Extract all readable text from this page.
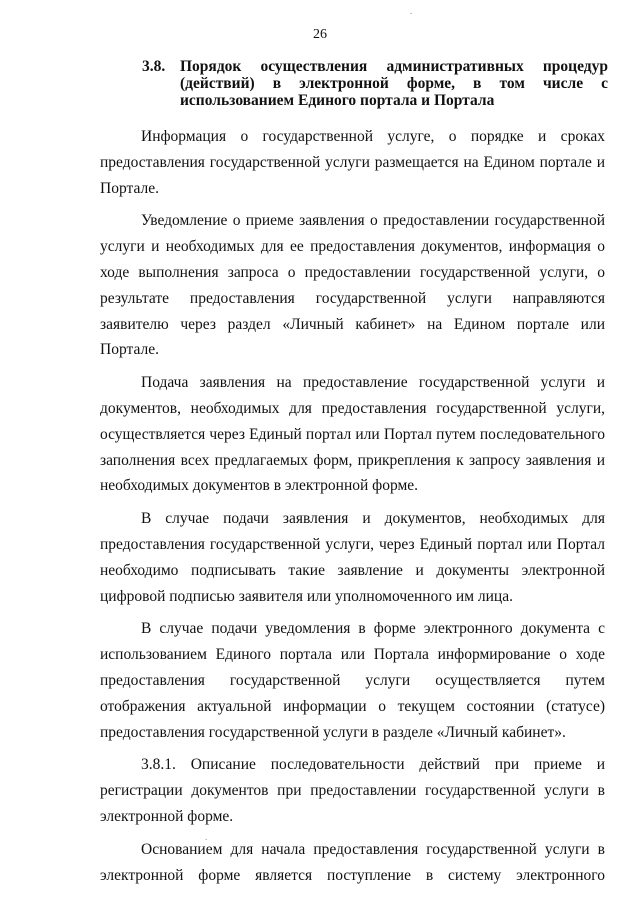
26
3.8. Порядок осуществления административных процедур (действий) в электронной форме, в том числе с использованием Единого портала и Портала

Информация о государственной услуге, о порядке и сроках предоставления государственной услуги размещается на Едином портале и Портале.

Уведомление о приеме заявления о предоставлении государственной услуги и необходимых для ее предоставления документов, информация о ходе выполнения запроса о предоставлении государственной услуги, о результате предоставления государственной услуги направляются заявителю через раздел «Личный кабинет» на Едином портале или Портале.

Подача заявления на предоставление государственной услуги и документов, необходимых для предоставления государственной услуги, осуществляется через Единый портал или Портал путем последовательного заполнения всех предлагаемых форм, прикрепления к запросу заявления и необходимых документов в электронной форме.

В случае подачи заявления и документов, необходимых для предоставления государственной услуги, через Единый портал или Портал необходимо подписывать такие заявление и документы электронной цифровой подписью заявителя или уполномоченного им лица.

В случае подачи уведомления в форме электронного документа с использованием Единого портала или Портала информирование о ходе предоставления государственной услуги осуществляется путем отображения актуальной информации о текущем состоянии (статусе) предоставления государственной услуги в разделе «Личный кабинет».

3.8.1. Описание последовательности действий при приеме и регистрации документов при предоставлении государственной услуги в электронной форме.

Основанием для начала предоставления государственной услуги в электронной форме является поступление в систему электронного

.
.
